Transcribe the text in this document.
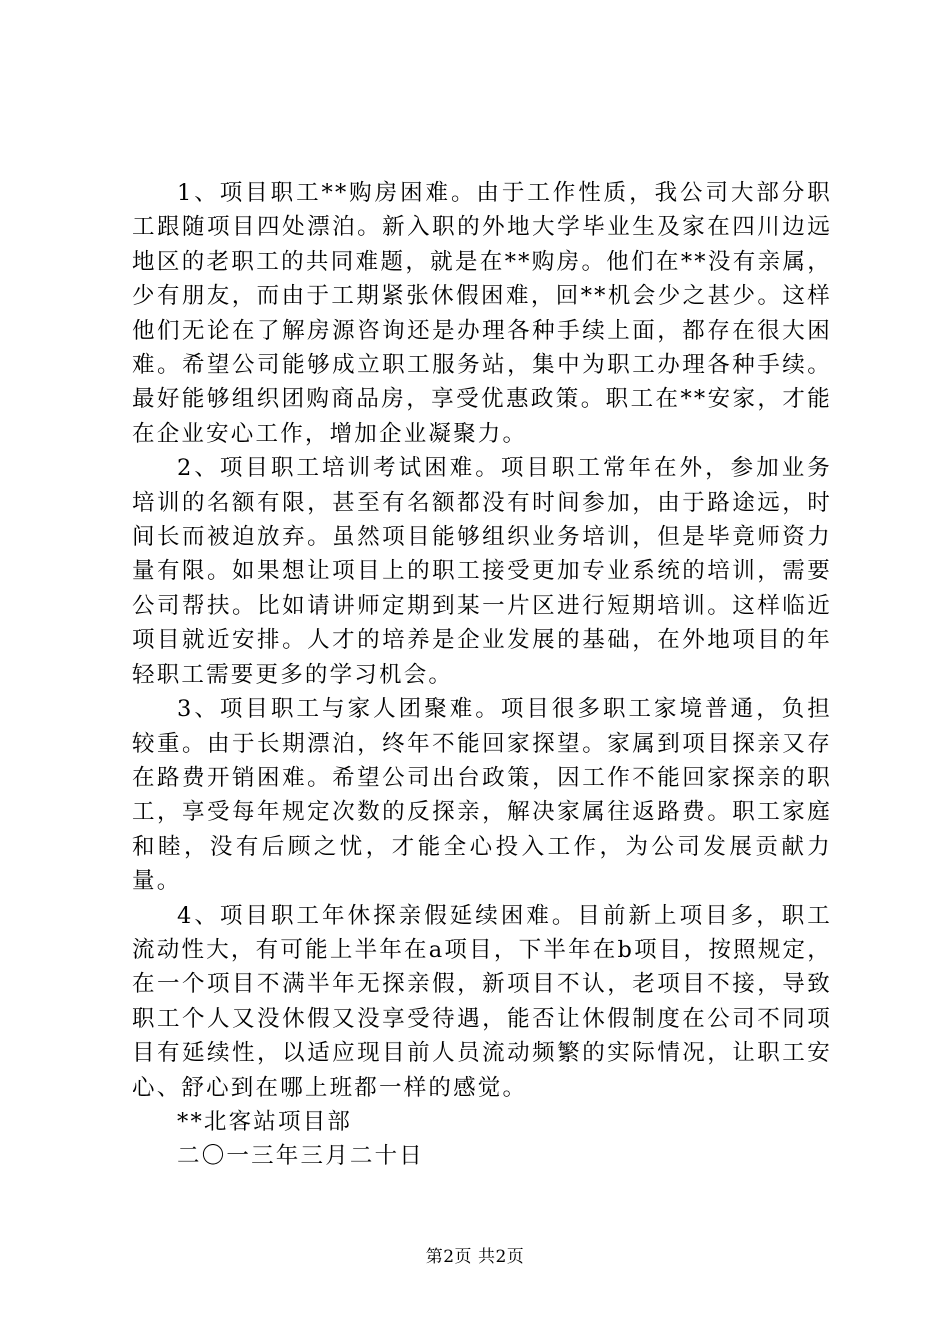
1、项目职工**购房困难。由于工作性质，我公司大部分职工跟随项目四处漂泊。新入职的外地大学毕业生及家在四川边远地区的老职工的共同难题，就是在**购房。他们在**没有亲属，少有朋友，而由于工期紧张休假困难，回**机会少之甚少。这样他们无论在了解房源咨询还是办理各种手续上面，都存在很大困难。希望公司能够成立职工服务站，集中为职工办理各种手续。最好能够组织团购商品房，享受优惠政策。职工在**安家，才能在企业安心工作，增加企业凝聚力。

2、项目职工培训考试困难。项目职工常年在外，参加业务培训的名额有限，甚至有名额都没有时间参加，由于路途远，时间长而被迫放弃。虽然项目能够组织业务培训，但是毕竟师资力量有限。如果想让项目上的职工接受更加专业系统的培训，需要公司帮扶。比如请讲师定期到某一片区进行短期培训。这样临近项目就近安排。人才的培养是企业发展的基础，在外地项目的年轻职工需要更多的学习机会。

3、项目职工与家人团聚难。项目很多职工家境普通，负担较重。由于长期漂泊，终年不能回家探望。家属到项目探亲又存在路费开销困难。希望公司出台政策，因工作不能回家探亲的职工，享受每年规定次数的反探亲，解决家属往返路费。职工家庭和睦，没有后顾之忧，才能全心投入工作，为公司发展贡献力量。

4、项目职工年休探亲假延续困难。目前新上项目多，职工流动性大，有可能上半年在a项目，下半年在b项目，按照规定，在一个项目不满半年无探亲假，新项目不认，老项目不接，导致职工个人又没休假又没享受待遇，能否让休假制度在公司不同项目有延续性，以适应现目前人员流动频繁的实际情况，让职工安心、舒心到在哪上班都一样的感觉。

**北客站项目部

二〇一三年三月二十日

第2页 共2页
